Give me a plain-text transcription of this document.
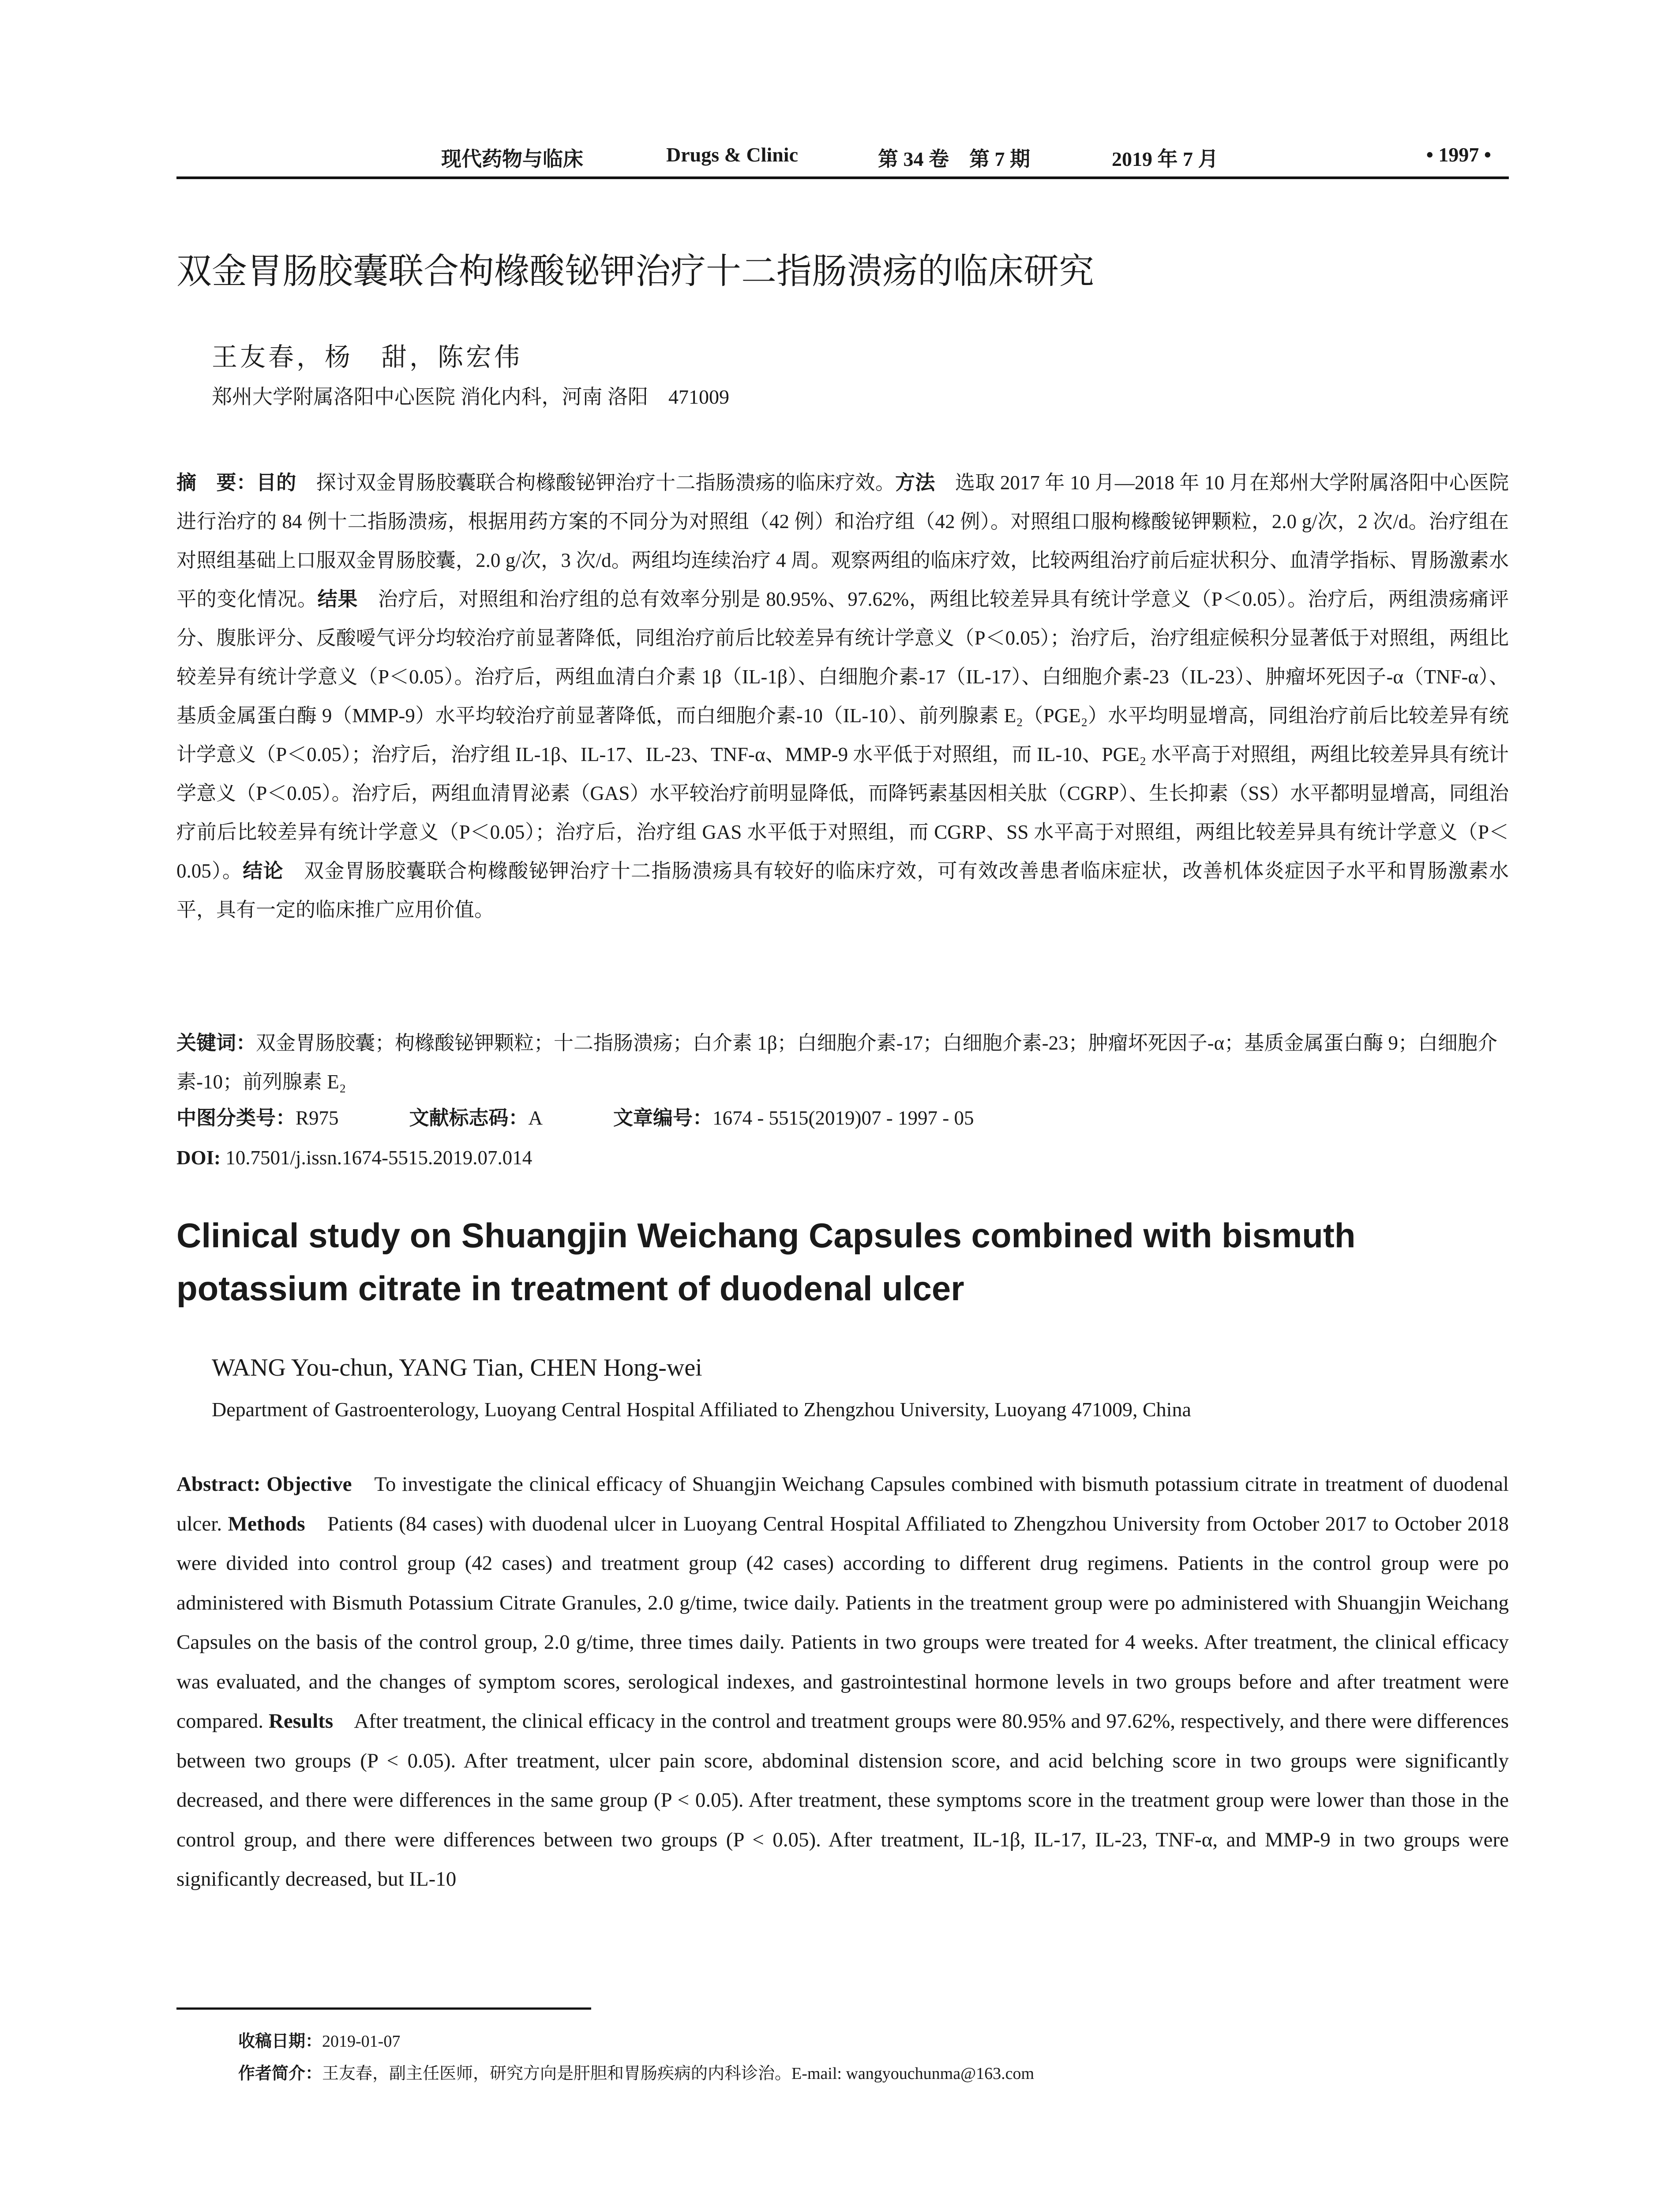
现代药物与临床	Drugs & Clinic	第 34 卷　第 7 期	2019 年 7 月	• 1997 •
双金胃肠胶囊联合枸橼酸铋钾治疗十二指肠溃疡的临床研究
王友春，杨　甜，陈宏伟
郑州大学附属洛阳中心医院 消化内科，河南 洛阳　471009
摘　要：目的　探讨双金胃肠胶囊联合枸橼酸铋钾治疗十二指肠溃疡的临床疗效。方法　选取 2017 年 10 月—2018 年 10 月在郑州大学附属洛阳中心医院进行治疗的 84 例十二指肠溃疡，根据用药方案的不同分为对照组（42 例）和治疗组（42 例）。对照组口服枸橼酸铋钾颗粒，2.0 g/次，2 次/d。治疗组在对照组基础上口服双金胃肠胶囊，2.0 g/次，3 次/d。两组均连续治疗 4 周。观察两组的临床疗效，比较两组治疗前后症状积分、血清学指标、胃肠激素水平的变化情况。结果　治疗后，对照组和治疗组的总有效率分别是 80.95%、97.62%，两组比较差异具有统计学意义（P＜0.05）。治疗后，两组溃疡痛评分、腹胀评分、反酸嗳气评分均较治疗前显著降低，同组治疗前后比较差异有统计学意义（P＜0.05）；治疗后，治疗组症候积分显著低于对照组，两组比较差异有统计学意义（P＜0.05）。治疗后，两组血清白介素 1β（IL-1β）、白细胞介素-17（IL-17）、白细胞介素-23（IL-23）、肿瘤坏死因子-α（TNF-α）、基质金属蛋白酶 9（MMP-9）水平均较治疗前显著降低，而白细胞介素-10（IL-10）、前列腺素 E₂（PGE₂）水平均明显增高，同组治疗前后比较差异有统计学意义（P＜0.05）；治疗后，治疗组 IL-1β、IL-17、IL-23、TNF-α、MMP-9 水平低于对照组，而 IL-10、PGE₂ 水平高于对照组，两组比较差异具有统计学意义（P＜0.05）。治疗后，两组血清胃泌素（GAS）水平较治疗前明显降低，而降钙素基因相关肽（CGRP）、生长抑素（SS）水平都明显增高，同组治疗前后比较差异有统计学意义（P＜0.05）；治疗后，治疗组 GAS 水平低于对照组，而 CGRP、SS 水平高于对照组，两组比较差异具有统计学意义（P＜0.05）。结论　双金胃肠胶囊联合枸橼酸铋钾治疗十二指肠溃疡具有较好的临床疗效，可有效改善患者临床症状，改善机体炎症因子水平和胃肠激素水平，具有一定的临床推广应用价值。
关键词：双金胃肠胶囊；枸橼酸铋钾颗粒；十二指肠溃疡；白介素 1β；白细胞介素-17；白细胞介素-23；肿瘤坏死因子-α；基质金属蛋白酶 9；白细胞介素-10；前列腺素 E₂
中图分类号：R975	文献标志码：A	文章编号：1674 - 5515(2019)07 - 1997 - 05
DOI: 10.7501/j.issn.1674-5515.2019.07.014
Clinical study on Shuangjin Weichang Capsules combined with bismuth potassium citrate in treatment of duodenal ulcer
WANG You-chun, YANG Tian, CHEN Hong-wei
Department of Gastroenterology, Luoyang Central Hospital Affiliated to Zhengzhou University, Luoyang 471009, China
Abstract: Objective　To investigate the clinical efficacy of Shuangjin Weichang Capsules combined with bismuth potassium citrate in treatment of duodenal ulcer. Methods　Patients (84 cases) with duodenal ulcer in Luoyang Central Hospital Affiliated to Zhengzhou University from October 2017 to October 2018 were divided into control group (42 cases) and treatment group (42 cases) according to different drug regimens. Patients in the control group were po administered with Bismuth Potassium Citrate Granules, 2.0 g/time, twice daily. Patients in the treatment group were po administered with Shuangjin Weichang Capsules on the basis of the control group, 2.0 g/time, three times daily. Patients in two groups were treated for 4 weeks. After treatment, the clinical efficacy was evaluated, and the changes of symptom scores, serological indexes, and gastrointestinal hormone levels in two groups before and after treatment were compared. Results　After treatment, the clinical efficacy in the control and treatment groups were 80.95% and 97.62%, respectively, and there were differences between two groups (P < 0.05). After treatment, ulcer pain score, abdominal distension score, and acid belching score in two groups were significantly decreased, and there were differences in the same group (P < 0.05). After treatment, these symptoms score in the treatment group were lower than those in the control group, and there were differences between two groups (P < 0.05). After treatment, IL-1β, IL-17, IL-23, TNF-α, and MMP-9 in two groups were significantly decreased, but IL-10
收稿日期：2019-01-07
作者简介：王友春，副主任医师，研究方向是肝胆和胃肠疾病的内科诊治。E-mail: wangyouchunma@163.com
